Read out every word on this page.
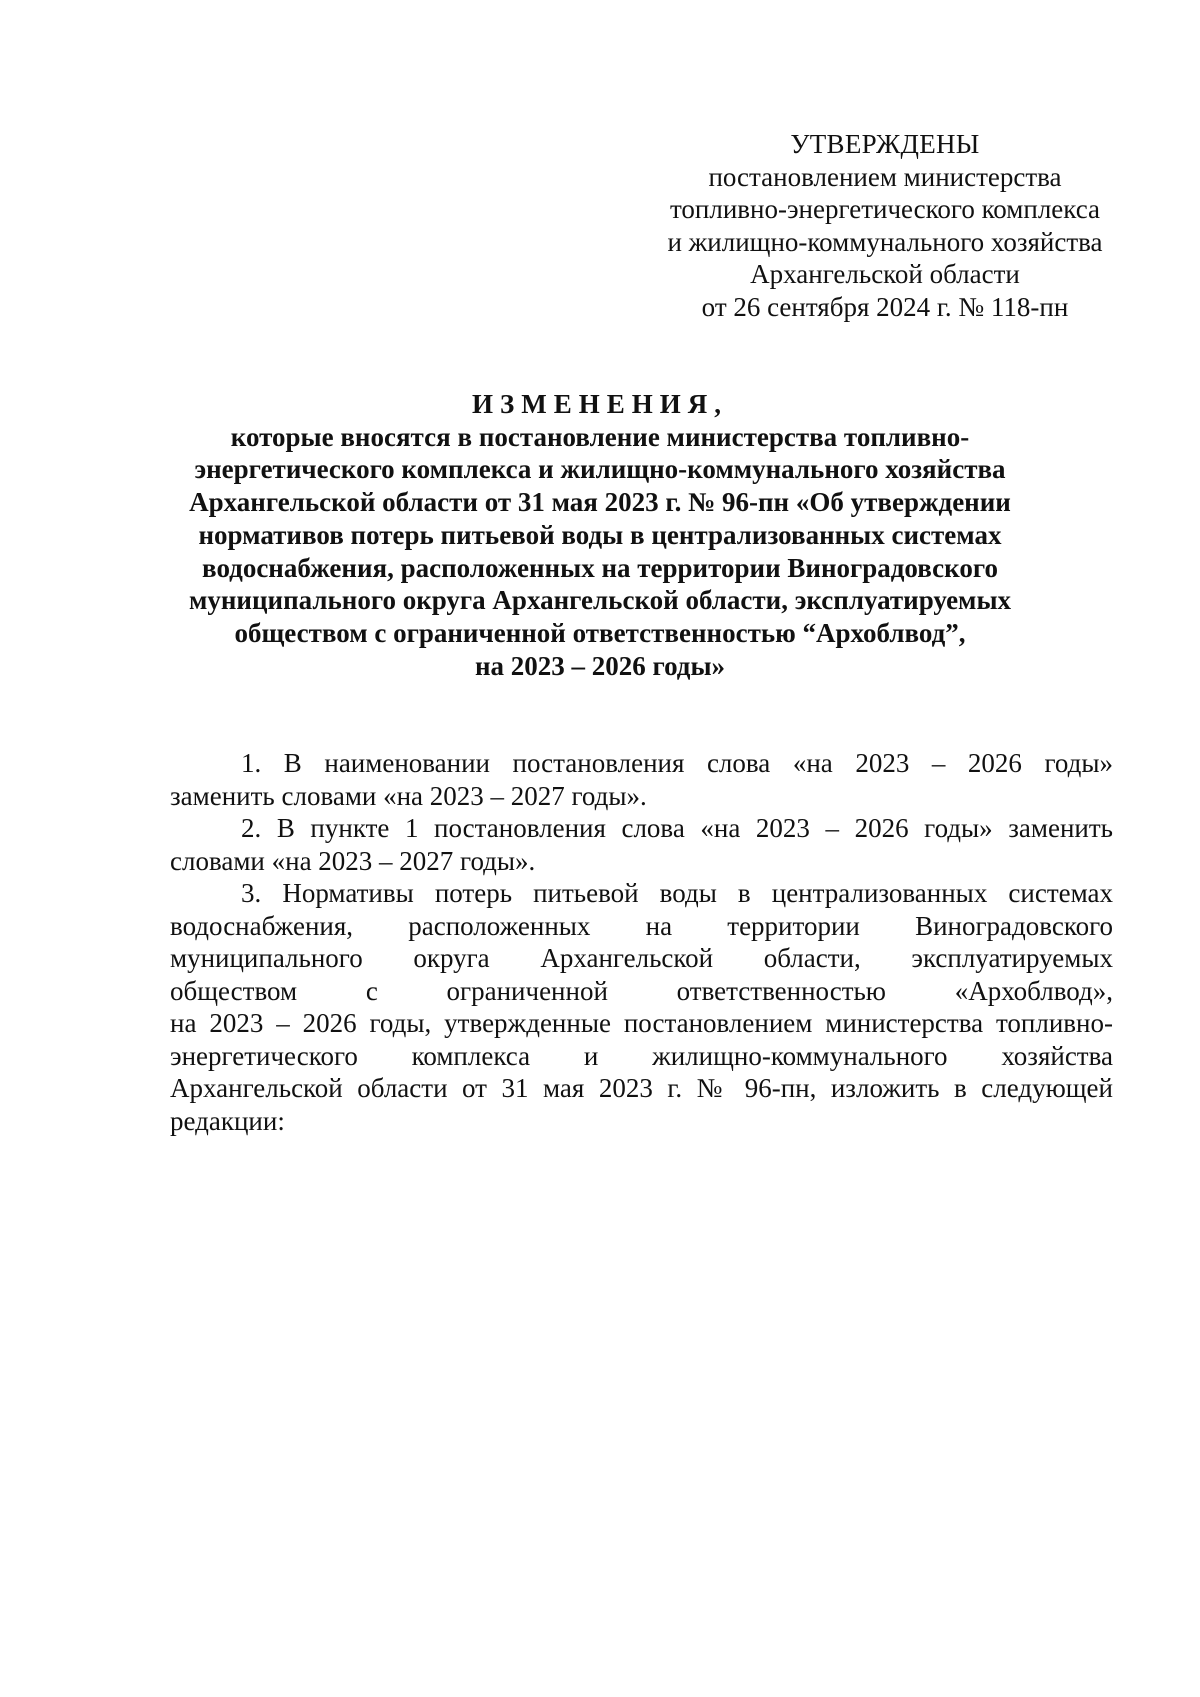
УТВЕРЖДЕНЫ
постановлением министерства
топливно-энергетического комплекса
и жилищно-коммунального хозяйства
Архангельской области
от 26 сентября 2024 г. № 118-пн
ИЗМЕНЕНИЯ,
которые вносятся в постановление министерства топливно-
энергетического комплекса и жилищно-коммунального хозяйства
Архангельской области от 31 мая 2023 г. № 96-пн «Об утверждении
нормативов потерь питьевой воды в централизованных системах
водоснабжения, расположенных на территории Виноградовского
муниципального округа Архангельской области, эксплуатируемых
обществом с ограниченной ответственностью “Архоблвод”,
на 2023 – 2026 годы»
1. В наименовании постановления слова «на 2023 – 2026 годы»
заменить словами «на 2023 – 2027 годы».
2. В пункте 1 постановления слова «на 2023 – 2026 годы» заменить
словами «на 2023 – 2027 годы».
3. Нормативы потерь питьевой воды в централизованных системах
водоснабжения, расположенных на территории Виноградовского
муниципального округа Архангельской области, эксплуатируемых
обществом с ограниченной ответственностью «Архоблвод»,
на 2023 – 2026 годы, утвержденные постановлением министерства топливно-
энергетического комплекса и жилищно-коммунального хозяйства
Архангельской области от 31 мая 2023 г. № 96-пн, изложить в следующей
редакции:
